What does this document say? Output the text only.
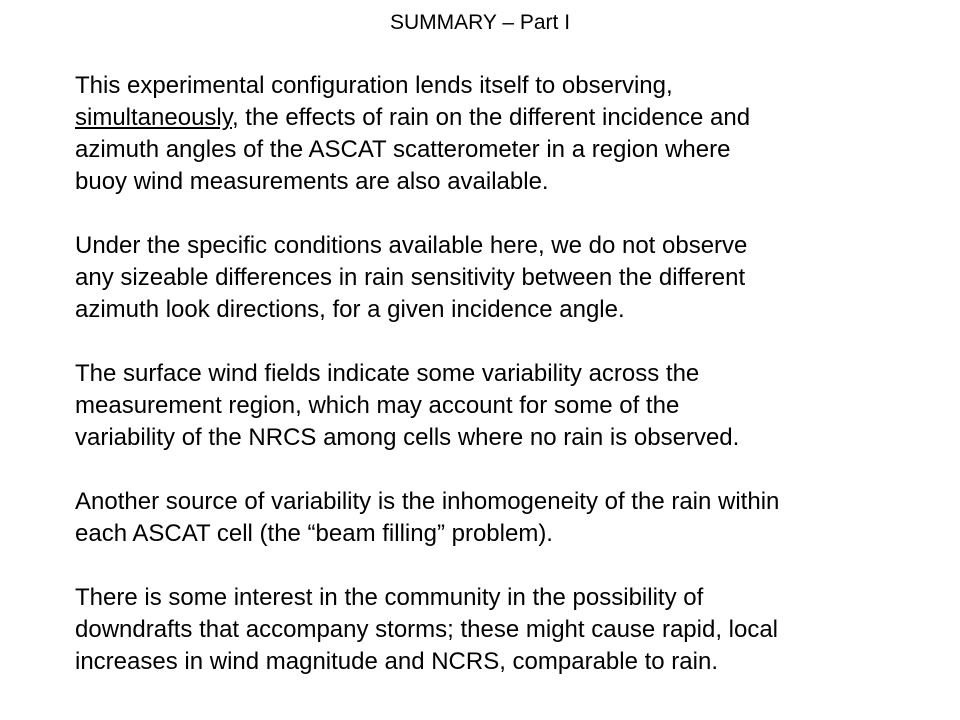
SUMMARY – Part I
This experimental configuration lends itself to observing,
simultaneously, the effects of rain on the different incidence and
azimuth angles of the ASCAT scatterometer in a region where
buoy wind measurements are also available.
Under the specific conditions available here, we do not observe
any sizeable differences in rain sensitivity between the different
azimuth look directions, for a given incidence angle.
The surface wind fields indicate some variability across the
measurement region, which may account for some of the
variability of the NRCS among cells where no rain is observed.
Another source of variability is the inhomogeneity of the rain within
each ASCAT cell (the “beam filling” problem).
There is some interest in the community in the possibility of
downdrafts that accompany storms; these might cause rapid, local
increases in wind magnitude and NCRS, comparable to rain.
